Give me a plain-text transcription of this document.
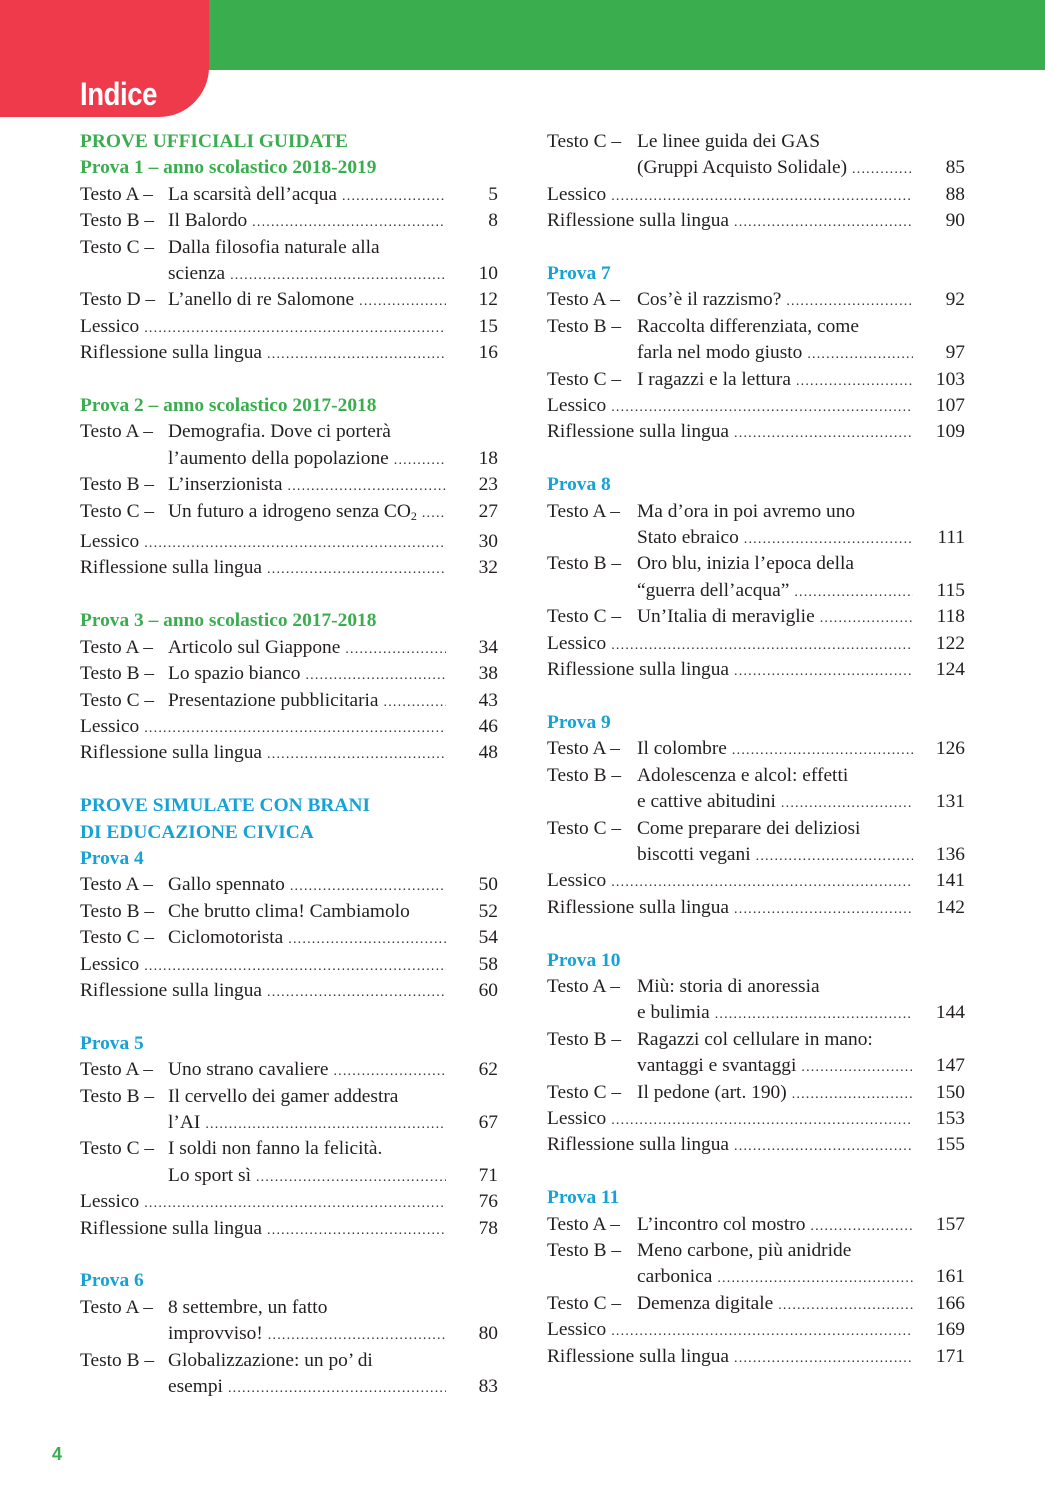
Indice
PROVE UFFICIALI GUIDATE
Prova 1 – anno scolastico 2018-2019
Testo A – La scarsità dell’acqua .....	5
Testo B – Il Balordo .....	8
Testo C – Dalla filosofia naturale alla
scienza .....	10
Testo D – L’anello di re Salomone .....	12
Lessico .....	15
Riflessione sulla lingua .....	16
Prova 2 – anno scolastico 2017-2018
Testo A – Demografia. Dove ci porterà
l’aumento della popolazione .....	18
Testo B – L’inserzionista .....	23
Testo C – Un futuro a idrogeno senza $CO_2$ .....	27
Lessico .....	30
Riflessione sulla lingua .....	32
Prova 3 – anno scolastico 2017-2018
Testo A – Articolo sul Giappone .....	34
Testo B – Lo spazio bianco .....	38
Testo C – Presentazione pubblicitaria .....	43
Lessico .....	46
Riflessione sulla lingua .....	48
PROVE SIMULATE CON BRANI
DI EDUCAZIONE CIVICA
Prova 4
Testo A – Gallo spennato .....	50
Testo B – Che brutto clima! Cambiamolo	52
Testo C – Ciclomotorista .....	54
Lessico .....	58
Riflessione sulla lingua .....	60
Prova 5
Testo A – Uno strano cavaliere .....	62
Testo B – Il cervello dei gamer addestra
l’AI .....	67
Testo C – I soldi non fanno la felicità.
Lo sport sì .....	71
Lessico .....	76
Riflessione sulla lingua .....	78
Prova 6
Testo A – 8 settembre, un fatto
improvviso! .....	80
Testo B – Globalizzazione: un po’ di
esempi .....	83
Testo C – Le linee guida dei GAS
(Gruppi Acquisto Solidale) .....	85
Lessico .....	88
Riflessione sulla lingua .....	90
Prova 7
Testo A – Cos’è il razzismo? .....	92
Testo B – Raccolta differenziata, come
farla nel modo giusto .....	97
Testo C – I ragazzi e la lettura .....	103
Lessico .....	107
Riflessione sulla lingua .....	109
Prova 8
Testo A – Ma d’ora in poi avremo uno
Stato ebraico .....	111
Testo B – Oro blu, inizia l’epoca della
“guerra dell’acqua” .....	115
Testo C – Un’Italia di meraviglie .....	118
Lessico .....	122
Riflessione sulla lingua .....	124
Prova 9
Testo A – Il colombre .....	126
Testo B – Adolescenza e alcol: effetti
e cattive abitudini .....	131
Testo C – Come preparare dei deliziosi
biscotti vegani .....	136
Lessico .....	141
Riflessione sulla lingua .....	142
Prova 10
Testo A – Miù: storia di anoressia
e bulimia .....	144
Testo B – Ragazzi col cellulare in mano:
vantaggi e svantaggi .....	147
Testo C – Il pedone (art. 190) .....	150
Lessico .....	153
Riflessione sulla lingua .....	155
Prova 11
Testo A – L’incontro col mostro .....	157
Testo B – Meno carbone, più anidride
carbonica .....	161
Testo C – Demenza digitale .....	166
Lessico .....	169
Riflessione sulla lingua .....	171

4
